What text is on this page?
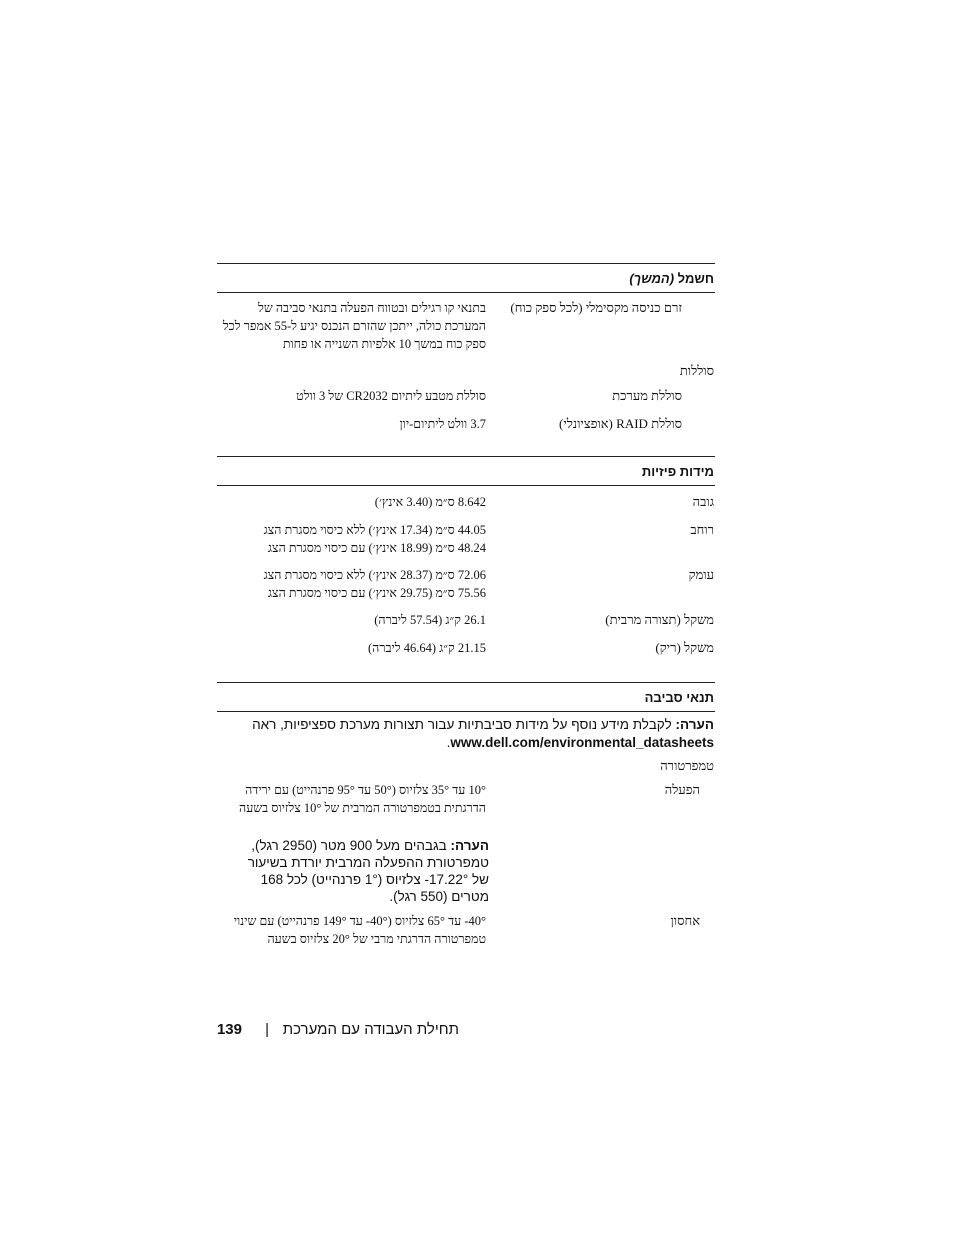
חשמל (המשך)
זרם כניסה מקסימלי (לכל ספק כוח)
בתנאי קו רגילים ובטווח הפעלה בתנאי סביבה של המערכת כולה, ייתכן שהזרם הנכנס יגיע ל-55 אמפר לכל ספק כוח במשך 10 אלפיות השנייה או פחות
סוללות
סוללת מערכת
סוללת מטבע ליתיום CR2032 של 3 וולט
סוללת RAID (אופציונלי)
3.7 וולט ליתיום-יון
מידות פיזיות
גובה
8.642 ס״מ (3.40 אינץ׳)
רוחב
44.05 ס״מ (17.34 אינץ׳) ללא כיסוי מסגרת הצג
48.24 ס״מ (18.99 אינץ׳) עם כיסוי מסגרת הצג
עומק
72.06 ס״מ (28.37 אינץ׳) ללא כיסוי מסגרת הצג
75.56 ס״מ (29.75 אינץ׳) עם כיסוי מסגרת הצג
משקל (תצורה מרבית)
26.1 ק״ג (57.54 ליברה)
משקל (ריק)
21.15 ק״ג (46.64 ליברה)
תנאי סביבה
הערה: לקבלת מידע נוסף על מידות סביבתיות עבור תצורות מערכת ספציפיות, ראה www.dell.com/environmental_datasheets.
טמפרטורה
הפעלה
10° עד 35° צלזיוס (50° עד 95° פרנהייט) עם ירידה הדרגתית בטמפרטורה המרבית של 10° צלזיוס בשעה
הערה: בגבהים מעל 900 מטר (2950 רגל), טמפרטורת ההפעלה המרבית יורדת בשיעור של ‎-17.22° צלזיוס (1° פרנהייט) לכל 168 מטרים (550 רגל).
אחסון
‎-40° עד 65° צלזיוס (‎-40° עד 149° פרנהייט) עם שינוי טמפרטורה הדרגתי מרבי של 20° צלזיוס בשעה
תחילת העבודה עם המערכת
|
139
